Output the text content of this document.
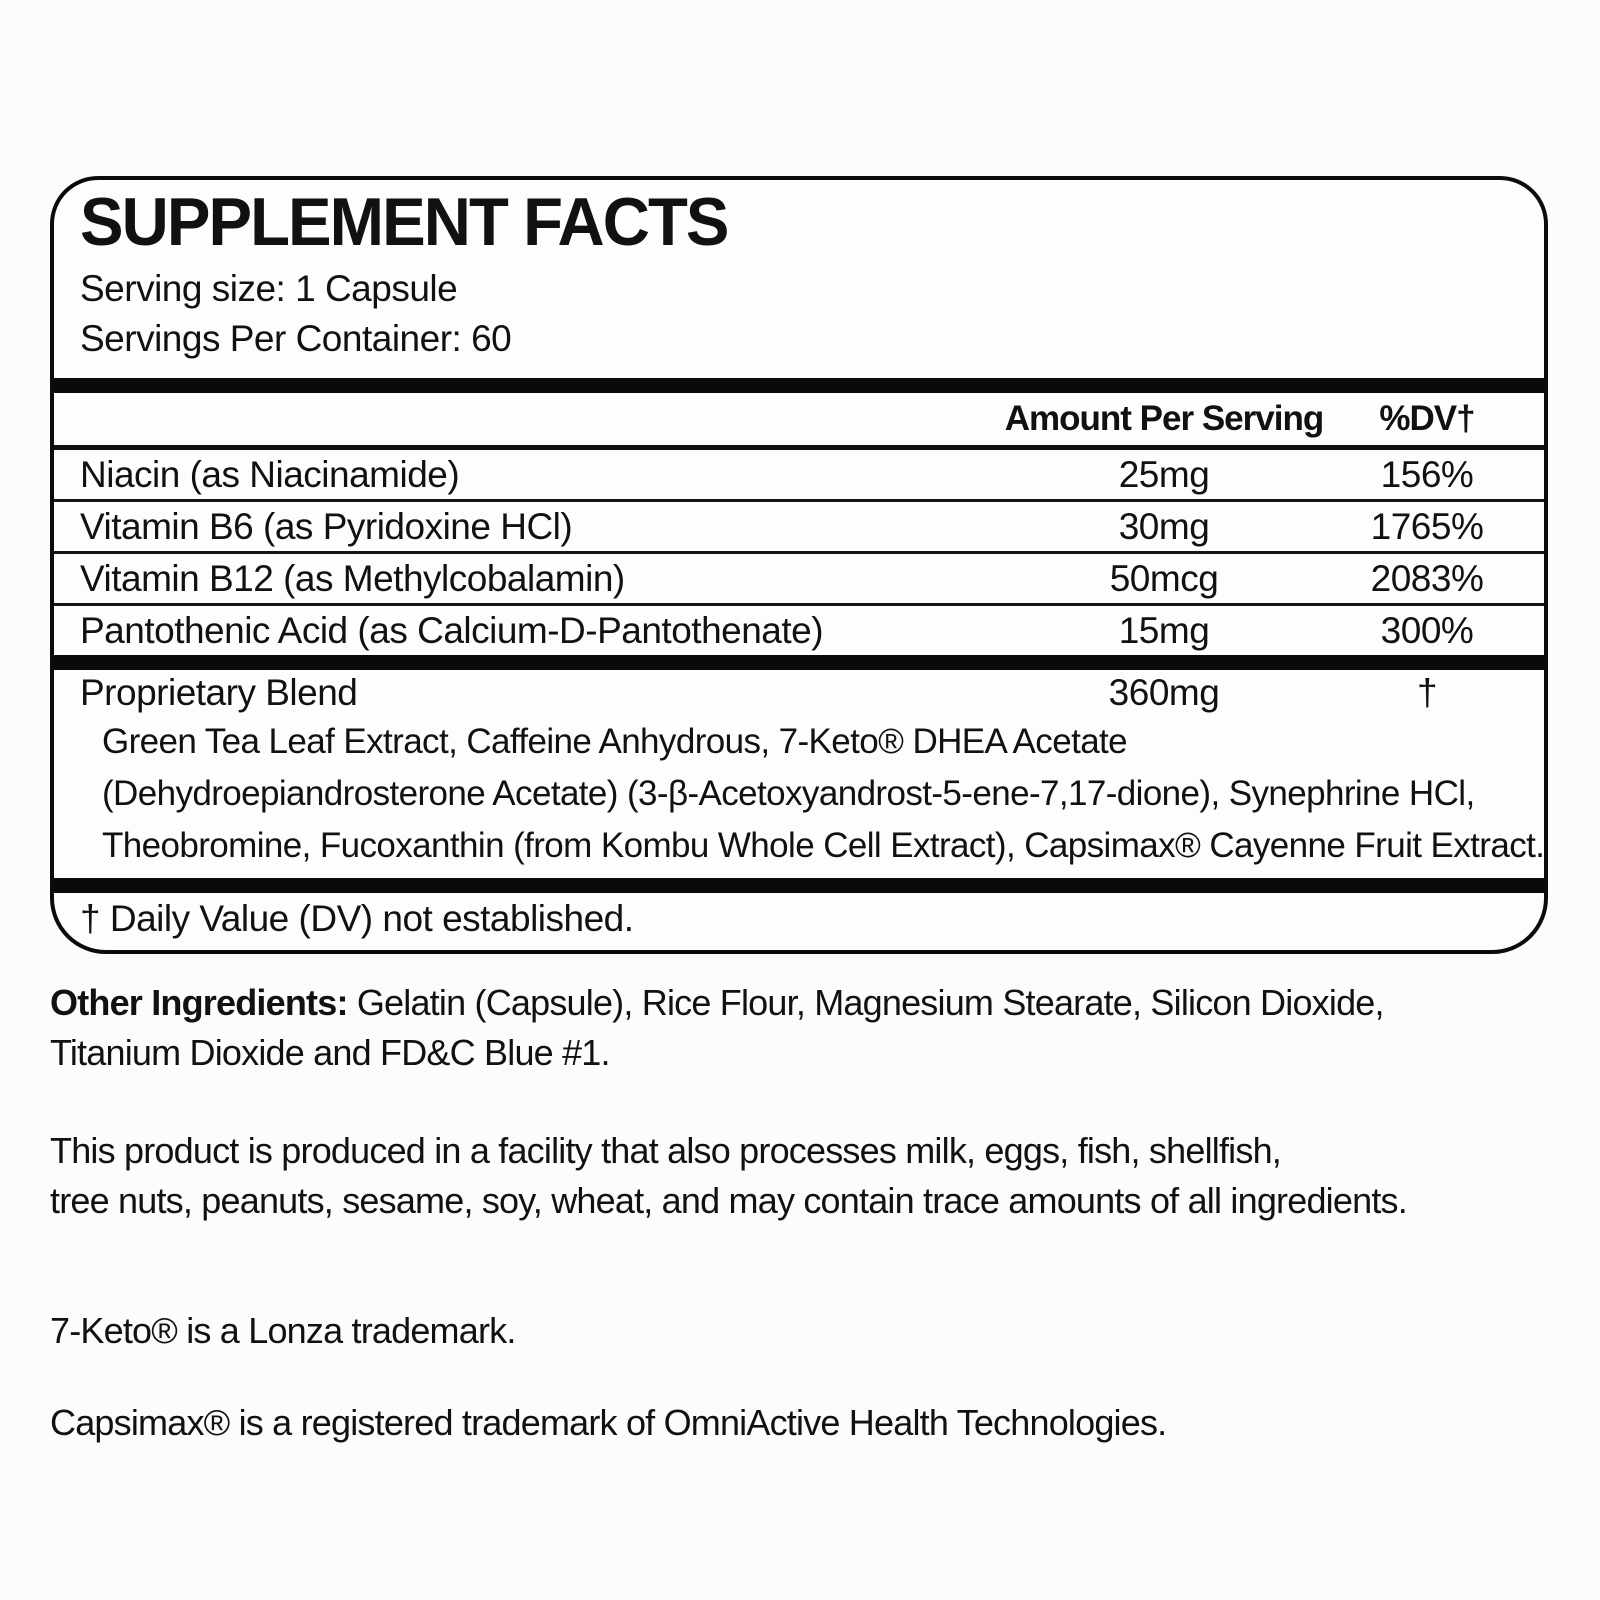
SUPPLEMENT FACTS
Serving size: 1 Capsule
Servings Per Container: 60
Amount Per Serving	%DV†
Niacin (as Niacinamide)	25mg	156%
Vitamin B6 (as Pyridoxine HCl)	30mg	1765%
Vitamin B12 (as Methylcobalamin)	50mcg	2083%
Pantothenic Acid (as Calcium-D-Pantothenate)	15mg	300%
Proprietary Blend	360mg	†
Green Tea Leaf Extract, Caffeine Anhydrous, 7-Keto® DHEA Acetate
(Dehydroepiandrosterone Acetate) (3-β-Acetoxyandrost-5-ene-7,17-dione), Synephrine HCl,
Theobromine, Fucoxanthin (from Kombu Whole Cell Extract), Capsimax® Cayenne Fruit Extract.
† Daily Value (DV) not established.
Other Ingredients: Gelatin (Capsule), Rice Flour, Magnesium Stearate, Silicon Dioxide,
Titanium Dioxide and FD&C Blue #1.
This product is produced in a facility that also processes milk, eggs, fish, shellfish,
tree nuts, peanuts, sesame, soy, wheat, and may contain trace amounts of all ingredients.
7-Keto® is a Lonza trademark.
Capsimax® is a registered trademark of OmniActive Health Technologies.
